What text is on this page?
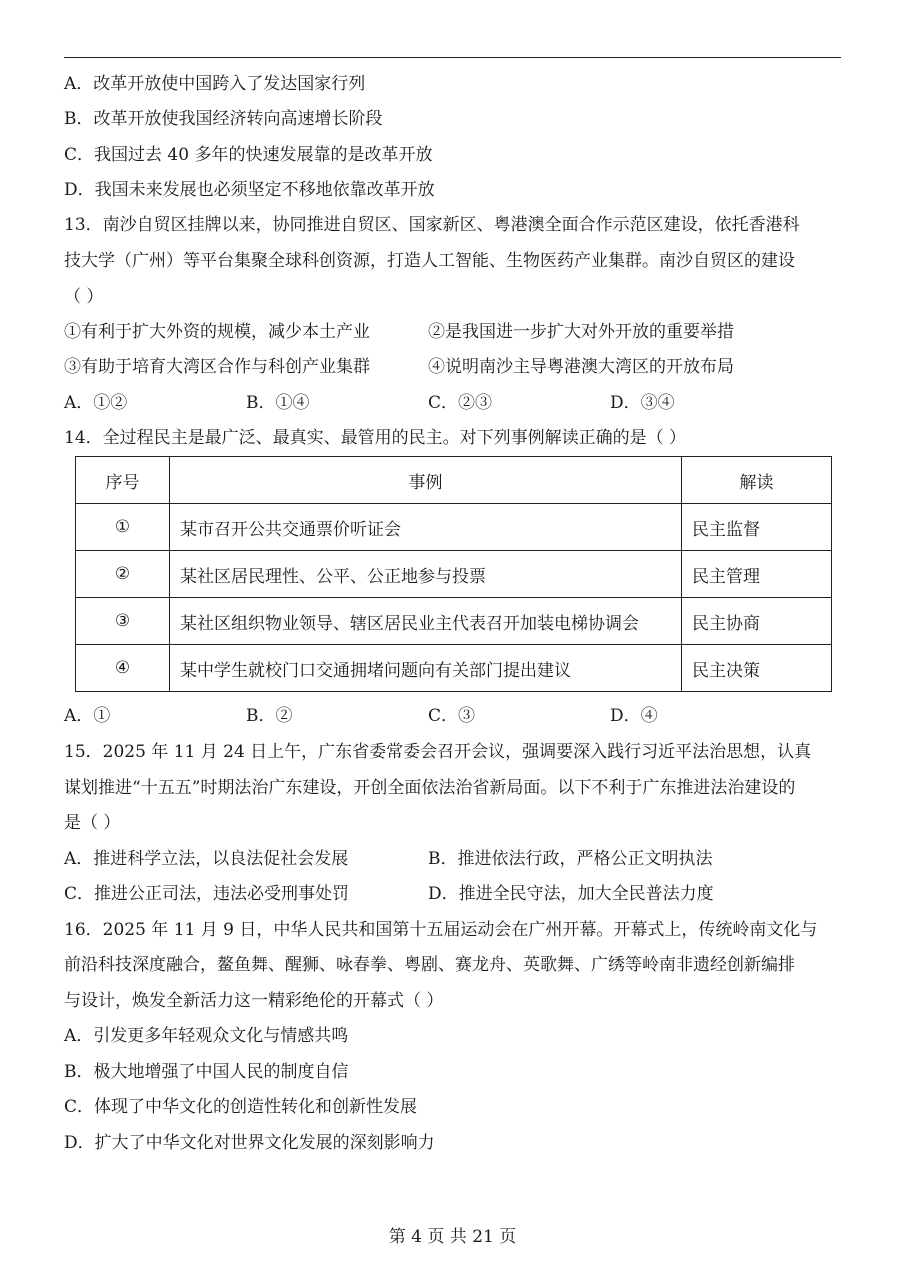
A．改革开放使中国跨入了发达国家行列
B．改革开放使我国经济转向高速增长阶段
C．我国过去 40 多年的快速发展靠的是改革开放
D．我国未来发展也必须坚定不移地依靠改革开放
13．南沙自贸区挂牌以来，协同推进自贸区、国家新区、粤港澳全面合作示范区建设，依托香港科
技大学（广州）等平台集聚全球科创资源，打造人工智能、生物医药产业集群。南沙自贸区的建设
（ ）
①有利于扩大外资的规模，减少本土产业	②是我国进一步扩大对外开放的重要举措
③有助于培育大湾区合作与科创产业集群	④说明南沙主导粤港澳大湾区的开放布局
A．①②	B．①④	C．②③	D．③④
14．全过程民主是最广泛、最真实、最管用的民主。对下列事例解读正确的是（ ）
序号	事例	解读
①	某市召开公共交通票价听证会	民主监督
②	某社区居民理性、公平、公正地参与投票	民主管理
③	某社区组织物业领导、辖区居民业主代表召开加装电梯协调会	民主协商
④	某中学生就校门口交通拥堵问题向有关部门提出建议	民主决策
A．①	B．②	C．③	D．④
15．2025 年 11 月 24 日上午，广东省委常委会召开会议，强调要深入践行习近平法治思想，认真
谋划推进“十五五”时期法治广东建设，开创全面依法治省新局面。以下不利于广东推进法治建设的
是（ ）
A．推进科学立法，以良法促社会发展	B．推进依法行政，严格公正文明执法
C．推进公正司法，违法必受刑事处罚	D．推进全民守法，加大全民普法力度
16．2025 年 11 月 9 日，中华人民共和国第十五届运动会在广州开幕。开幕式上，传统岭南文化与
前沿科技深度融合，鳌鱼舞、醒狮、咏春拳、粤剧、赛龙舟、英歌舞、广绣等岭南非遗经创新编排
与设计，焕发全新活力这一精彩绝伦的开幕式（ ）
A．引发更多年轻观众文化与情感共鸣
B．极大地增强了中国人民的制度自信
C．体现了中华文化的创造性转化和创新性发展
D．扩大了中华文化对世界文化发展的深刻影响力
第 4 页 共 21 页
